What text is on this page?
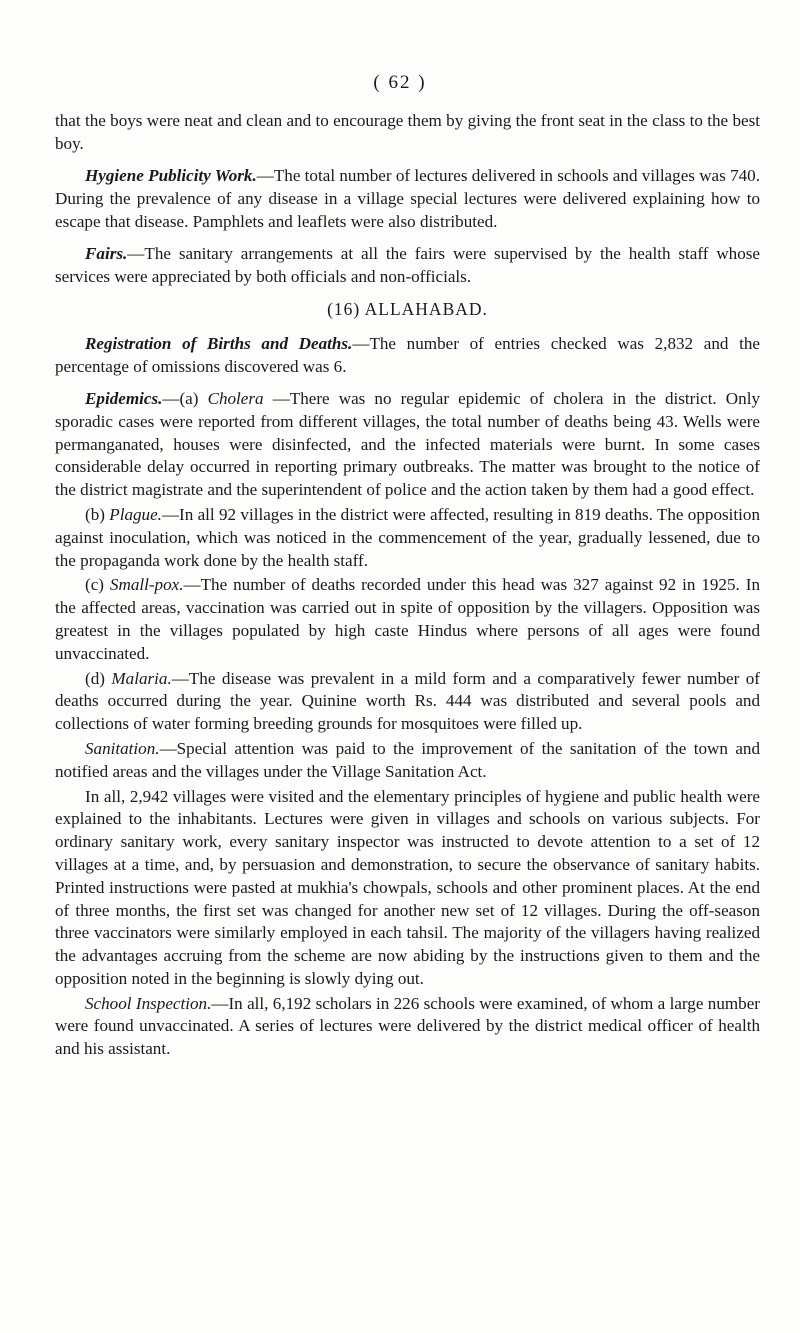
( 62 )

that the boys were neat and clean and to encourage them by giving the front seat in the class to the best boy.

Hygiene Publicity Work.—The total number of lectures delivered in schools and villages was 740. During the prevalence of any disease in a village special lectures were delivered explaining how to escape that disease. Pamphlets and leaflets were also distributed.

Fairs.—The sanitary arrangements at all the fairs were supervised by the health staff whose services were appreciated by both officials and non-officials.

(16) ALLAHABAD.

Registration of Births and Deaths.—The number of entries checked was 2,832 and the percentage of omissions discovered was 6.

Epidemics.—(a) Cholera —There was no regular epidemic of cholera in the district. Only sporadic cases were reported from different villages, the total number of deaths being 43. Wells were permanganated, houses were disinfected, and the infected materials were burnt. In some cases considerable delay occurred in reporting primary outbreaks. The matter was brought to the notice of the district magistrate and the superintendent of police and the action taken by them had a good effect.

(b) Plague.—In all 92 villages in the district were affected, resulting in 819 deaths. The opposition against inoculation, which was noticed in the commencement of the year, gradually lessened, due to the propaganda work done by the health staff.

(c) Small-pox.—The number of deaths recorded under this head was 327 against 92 in 1925. In the affected areas, vaccination was carried out in spite of opposition by the villagers. Opposition was greatest in the villages populated by high caste Hindus where persons of all ages were found unvaccinated.

(d) Malaria.—The disease was prevalent in a mild form and a comparatively fewer number of deaths occurred during the year. Quinine worth Rs. 444 was distributed and several pools and collections of water forming breeding grounds for mosquitoes were filled up.

Sanitation.—Special attention was paid to the improvement of the sanitation of the town and notified areas and the villages under the Village Sanitation Act.

In all, 2,942 villages were visited and the elementary principles of hygiene and public health were explained to the inhabitants. Lectures were given in villages and schools on various subjects. For ordinary sanitary work, every sanitary inspector was instructed to devote attention to a set of 12 villages at a time, and, by persuasion and demonstration, to secure the observance of sanitary habits. Printed instructions were pasted at mukhia's chowpals, schools and other prominent places. At the end of three months, the first set was changed for another new set of 12 villages. During the off-season three vaccinators were similarly employed in each tahsil. The majority of the villagers having realized the advantages accruing from the scheme are now abiding by the instructions given to them and the opposition noted in the beginning is slowly dying out.

School Inspection.—In all, 6,192 scholars in 226 schools were examined, of whom a large number were found unvaccinated. A series of lectures were delivered by the district medical officer of health and his assistant.
